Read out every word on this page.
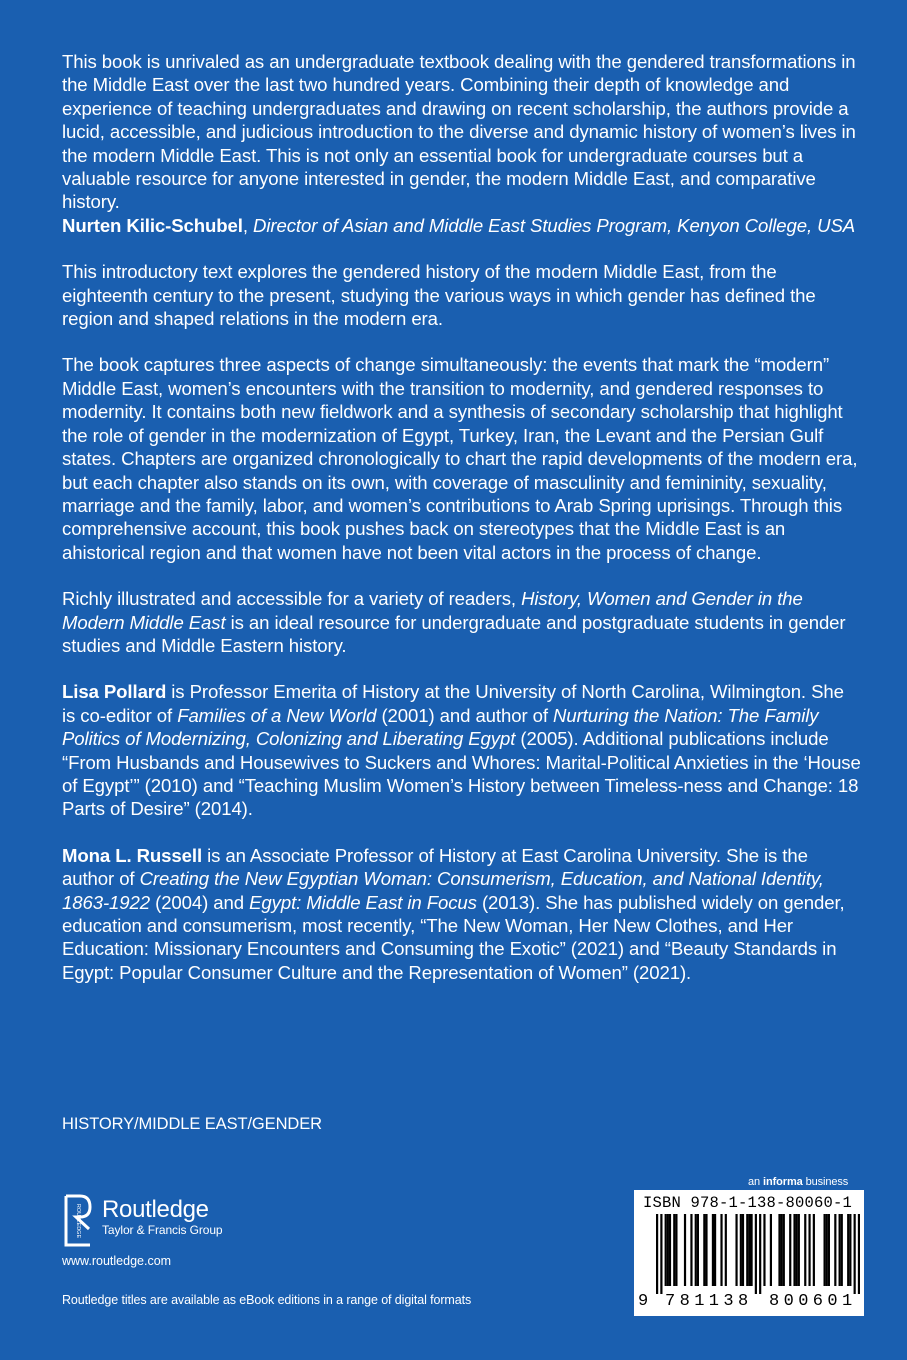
This book is unrivaled as an undergraduate textbook dealing with the gendered transformations in the Middle East over the last two hundred years. Combining their depth of knowledge and experience of teaching undergraduates and drawing on recent scholarship, the authors provide a lucid, accessible, and judicious introduction to the diverse and dynamic history of women’s lives in the modern Middle East. This is not only an essential book for undergraduate courses but a valuable resource for anyone interested in gender, the modern Middle East, and comparative history.
Nurten Kilic-Schubel, Director of Asian and Middle East Studies Program, Kenyon College, USA

This introductory text explores the gendered history of the modern Middle East, from the eighteenth century to the present, studying the various ways in which gender has defined the region and shaped relations in the modern era.

The book captures three aspects of change simultaneously: the events that mark the “modern” Middle East, women’s encounters with the transition to modernity, and gendered responses to modernity. It contains both new fieldwork and a synthesis of secondary scholarship that highlight the role of gender in the modernization of Egypt, Turkey, Iran, the Levant and the Persian Gulf states. Chapters are organized chronologically to chart the rapid developments of the modern era, but each chapter also stands on its own, with coverage of masculinity and femininity, sexuality, marriage and the family, labor, and women’s contributions to Arab Spring uprisings. Through this comprehensive account, this book pushes back on stereotypes that the Middle East is an ahistorical region and that women have not been vital actors in the process of change.

Richly illustrated and accessible for a variety of readers, History, Women and Gender in the Modern Middle East is an ideal resource for undergraduate and postgraduate students in gender studies and Middle Eastern history.

Lisa Pollard is Professor Emerita of History at the University of North Carolina, Wilmington. She is co-editor of Families of a New World (2001) and author of Nurturing the Nation: The Family Politics of Modernizing, Colonizing and Liberating Egypt (2005). Additional publications include “From Husbands and Housewives to Suckers and Whores: Marital-Political Anxieties in the ‘House of Egypt’” (2010) and “Teaching Muslim Women’s History between Timeless-ness and Change: 18 Parts of Desire” (2014).

Mona L. Russell is an Associate Professor of History at East Carolina University. She is the author of Creating the New Egyptian Woman: Consumerism, Education, and National Identity, 1863-1922 (2004) and Egypt: Middle East in Focus (2013). She has published widely on gender, education and consumerism, most recently, “The New Woman, Her New Clothes, and Her Education: Missionary Encounters and Consuming the Exotic” (2021) and “Beauty Standards in Egypt: Popular Consumer Culture and the Representation of Women” (2021).

HISTORY/MIDDLE EAST/GENDER
ROUTLEDGE Routledge
Taylor & Francis Group
www.routledge.com
Routledge titles are available as eBook editions in a range of digital formats
an informa business
ISBN 978-1-138-80060-1
9 7 8 1 1 3 8 8 0 0 6 0 1
